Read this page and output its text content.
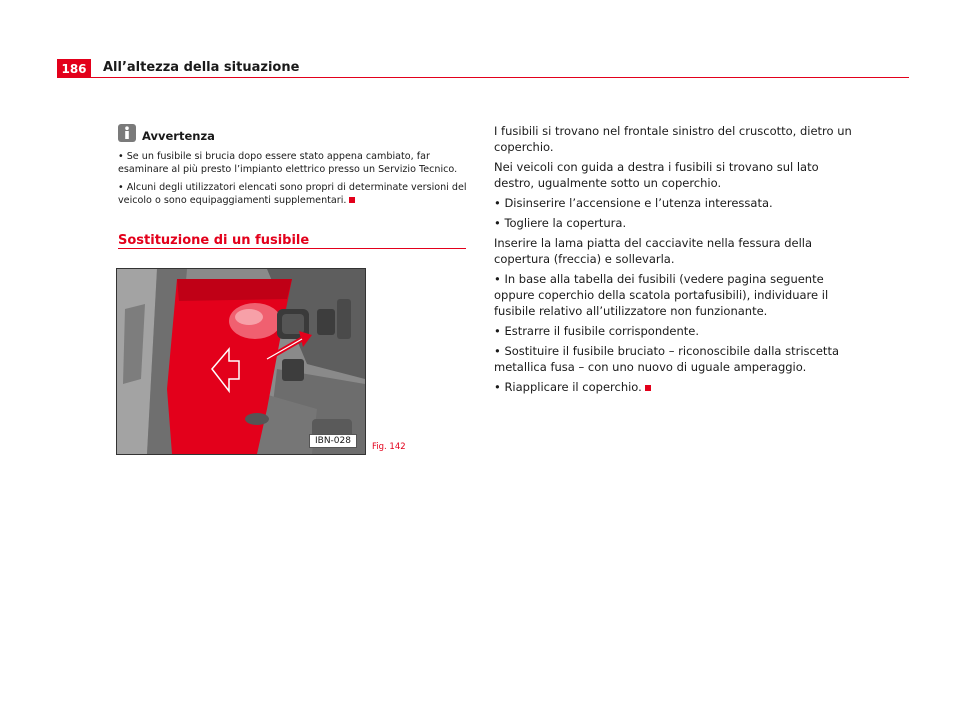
186	All’altezza della situazione
Avvertenza
• Se un fusibile si brucia dopo essere stato appena cambiato, far esaminare al più presto l’impianto elettrico presso un Servizio Tecnico.
• Alcuni degli utilizzatori elencati sono propri di determinate versioni del veicolo o sono equipaggiamenti supplementari.
Sostituzione di un fusibile
IBN-028
Fig. 142

I fusibili si trovano nel frontale sinistro del cruscotto, dietro un coperchio.

Nei veicoli con guida a destra i fusibili si trovano sul lato destro, ugualmente sotto un coperchio.

• Disinserire l’accensione e l’utenza interessata.

• Togliere la copertura.

Inserire la lama piatta del cacciavite nella fessura della copertura (freccia) e sollevarla.

• In base alla tabella dei fusibili (vedere pagina seguente oppure coperchio della scatola portafusibili), individuare il fusibile relativo all’utilizzatore non funzionante.

• Estrarre il fusibile corrispondente.

• Sostituire il fusibile bruciato – riconoscibile dalla striscetta metallica fusa – con uno nuovo di uguale amperaggio.

• Riapplicare il coperchio.
